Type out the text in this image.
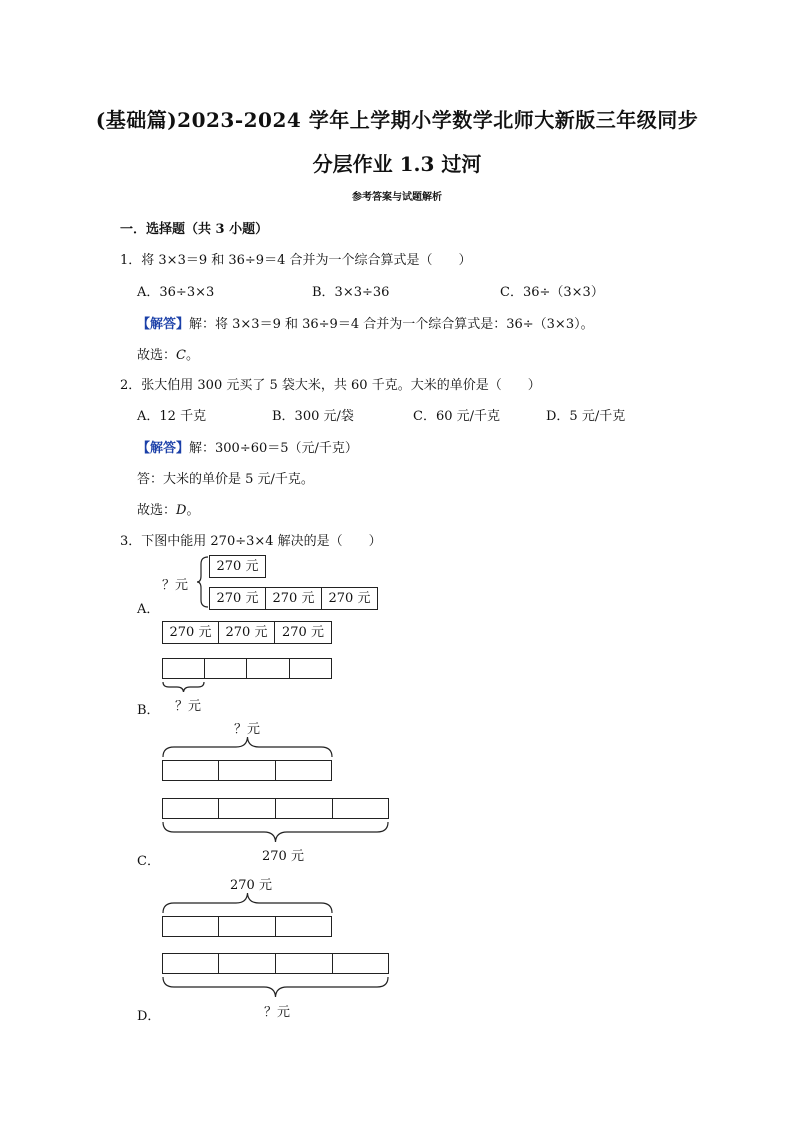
(基础篇)2023-2024 学年上学期小学数学北师大新版三年级同步
分层作业 1.3 过河
参考答案与试题解析
一．选择题（共 3 小题）
1．将 3×3＝9 和 36÷9＝4 合并为一个综合算式是（　　）
A．36÷3×3	B．3×3÷36	C．36÷（3×3）
【解答】解：将 3×3＝9 和 36÷9＝4 合并为一个综合算式是：36÷（3×3）。
故选：C。
2．张大伯用 300 元买了 5 袋大米，共 60 千克。大米的单价是（　　）
A．12 千克	B．300 元/袋	C．60 元/千克	D．5 元/千克
【解答】解：300÷60＝5（元/千克）
答：大米的单价是 5 元/千克。
故选：D。
3．下图中能用 270÷3×4 解决的是（　　）
A．
？元
270 元
270 元	270 元	270 元
270 元	270 元	270 元
？元
B．
？元
270 元
C．
270 元
？元
D．
